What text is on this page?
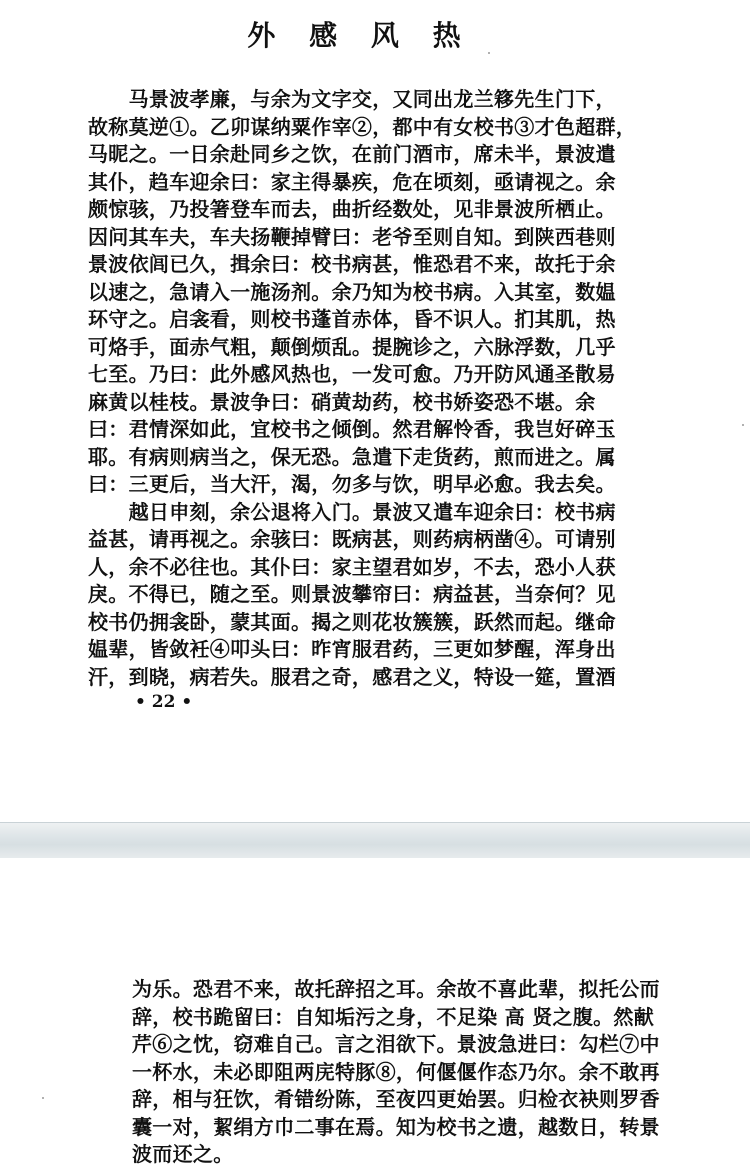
外 感 风 热
　　马景波孝廉，与余为文字交，又同出龙兰簃先生门下，
故称莫逆①。乙卯谋纳粟作宰②，都中有女校书③才色超群，
马昵之。一日余赴同乡之饮，在前门酒市，席未半，景波遣
其仆，趋车迎余曰：家主得暴疾，危在顷刻，亟请视之。余
颇惊骇，乃投箸登车而去，曲折经数处，见非景波所栖止。
因问其车夫，车夫扬鞭掉臂曰：老爷至则自知。到陕西巷则
景波依闾已久，揖余曰：校书病甚，惟恐君不来，故托于余
以速之，急请入一施汤剂。余乃知为校书病。入其室，数媪
环守之。启衾看，则校书蓬首赤体，昏不识人。扪其肌，热
可烙手，面赤气粗，颠倒烦乱。提腕诊之，六脉浮数，几乎
七至。乃曰：此外感风热也，一发可愈。乃开防风通圣散易
麻黄以桂枝。景波争曰：硝黄劫药，校书娇姿恐不堪。余
曰：君情深如此，宜校书之倾倒。然君解怜香，我岂好碎玉
耶。有病则病当之，保无恐。急遣下走货药，煎而进之。属
曰：三更后，当大汗，渴，勿多与饮，明早必愈。我去矣。
　　越日申刻，余公退将入门。景波又遣车迎余曰：校书病
益甚，请再视之。余骇曰：既病甚，则药病柄凿④。可请别
人，余不必往也。其仆曰：家主望君如岁，不去，恐小人获
戾。不得已，随之至。则景波攀帘曰：病益甚，当奈何？见
校书仍拥衾卧，蒙其面。揭之则花妆簇簇，跃然而起。继命
媪辈，皆敛衽④叩头曰：昨宵服君药，三更如梦醒，浑身出
汗，到晓，病若失。服君之奇，感君之义，特设一筵，置酒
• 22 •
为乐。恐君不来，故托辞招之耳。余故不喜此辈，拟托公而
辞，校书跪留曰：自知垢污之身，不足染 高 贤之腹。然献
芹⑥之忱，窃难自己。言之泪欲下。景波急进曰：勾栏⑦中
一杯水，未必即阻两庑特豚⑧，何偃偃作态乃尔。余不敢再
辞，相与狂饮，肴错纷陈，至夜四更始罢。归检衣袂则罗香
囊一对，絜绢方巾二事在焉。知为校书之遗，越数日，转景
波而还之。
